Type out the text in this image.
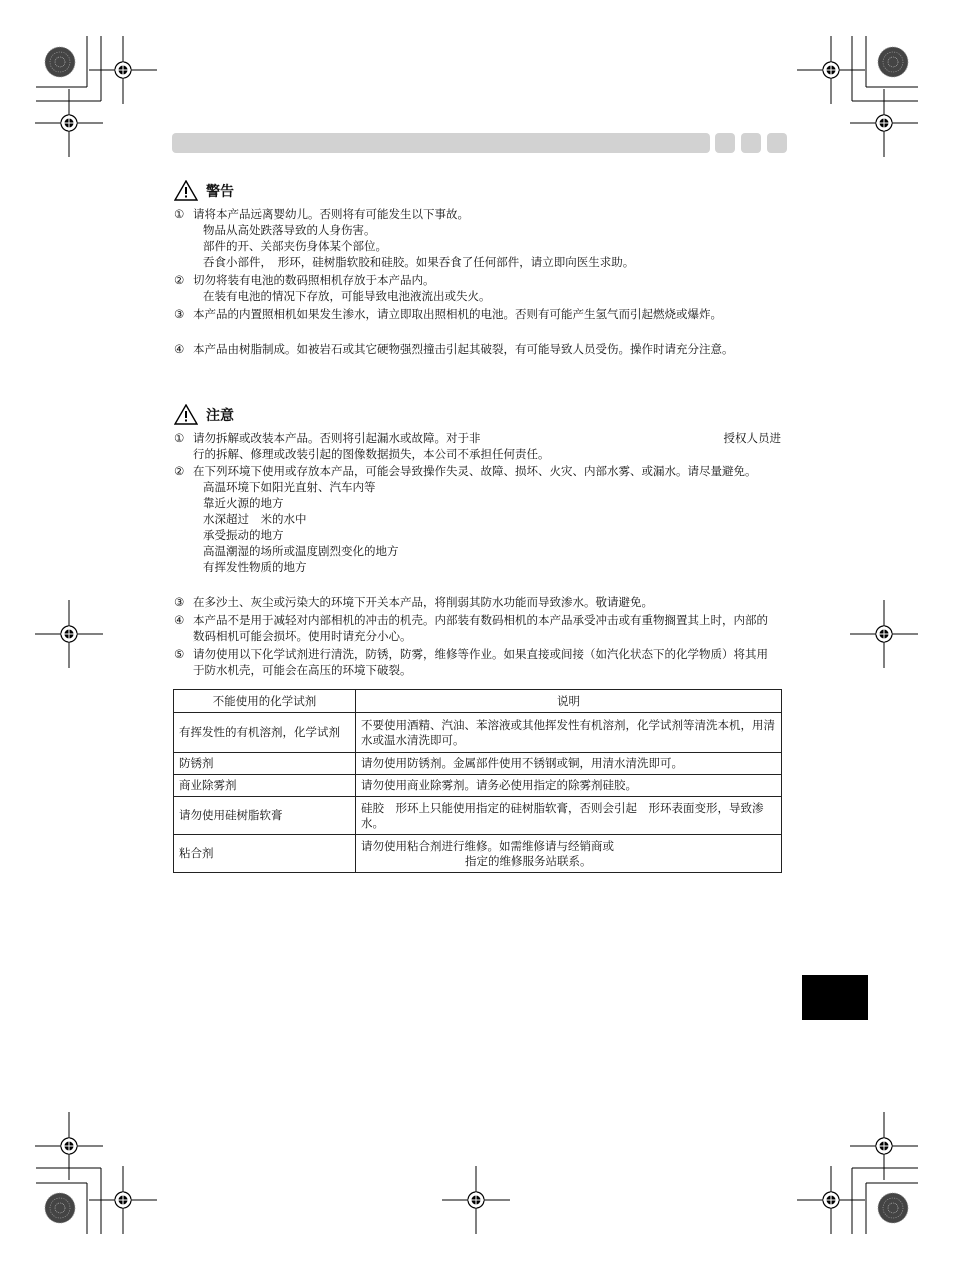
警告
① 请将本产品远离婴幼儿。否则将有可能发生以下事故。
物品从高处跌落导致的人身伤害。
部件的开、关部夹伤身体某个部位。
吞食小部件，　形环，硅树脂软胶和硅胶。如果吞食了任何部件，请立即向医生求助。
② 切勿将装有电池的数码照相机存放于本产品内。
在装有电池的情况下存放，可能导致电池液流出或失火。
③ 本产品的内置照相机如果发生渗水，请立即取出照相机的电池。否则有可能产生氢气而引起燃烧或爆炸。
④ 本产品由树脂制成。如被岩石或其它硬物强烈撞击引起其破裂，有可能导致人员受伤。操作时请充分注意。
注意
① 请勿拆解或改装本产品。否则将引起漏水或故障。对于非	授权人员进
行的拆解、修理或改装引起的图像数据损失，本公司不承担任何责任。
② 在下列环境下使用或存放本产品，可能会导致操作失灵、故障、损坏、火灾、内部水雾、或漏水。请尽量避免。
高温环境下如阳光直射、汽车内等
靠近火源的地方
水深超过　米的水中
承受振动的地方
高温潮湿的场所或温度剧烈变化的地方
有挥发性物质的地方
③ 在多沙土、灰尘或污染大的环境下开关本产品，将削弱其防水功能而导致渗水。敬请避免。
④ 本产品不是用于减轻对内部相机的冲击的机壳。内部装有数码相机的本产品承受冲击或有重物搁置其上时，内部的数码相机可能会损坏。使用时请充分小心。
⑤ 请勿使用以下化学试剂进行清洗，防锈，防雾，维修等作业。如果直接或间接（如汽化状态下的化学物质）将其用于防水机壳，可能会在高压的环境下破裂。
不能使用的化学试剂	说明
有挥发性的有机溶剂，化学试剂	不要使用酒精、汽油、苯溶液或其他挥发性有机溶剂，化学试剂等清洗本机，用清水或温水清洗即可。
防锈剂	请勿使用防锈剂。金属部件使用不锈钢或铜，用清水清洗即可。
商业除雾剂	请勿使用商业除雾剂。请务必使用指定的除雾剂硅胶。
请勿使用硅树脂软膏	硅胶　形环上只能使用指定的硅树脂软膏，否则会引起　形环表面变形，导致渗水。
粘合剂	请勿使用粘合剂进行维修。如需维修请与经销商或
指定的维修服务站联系。
